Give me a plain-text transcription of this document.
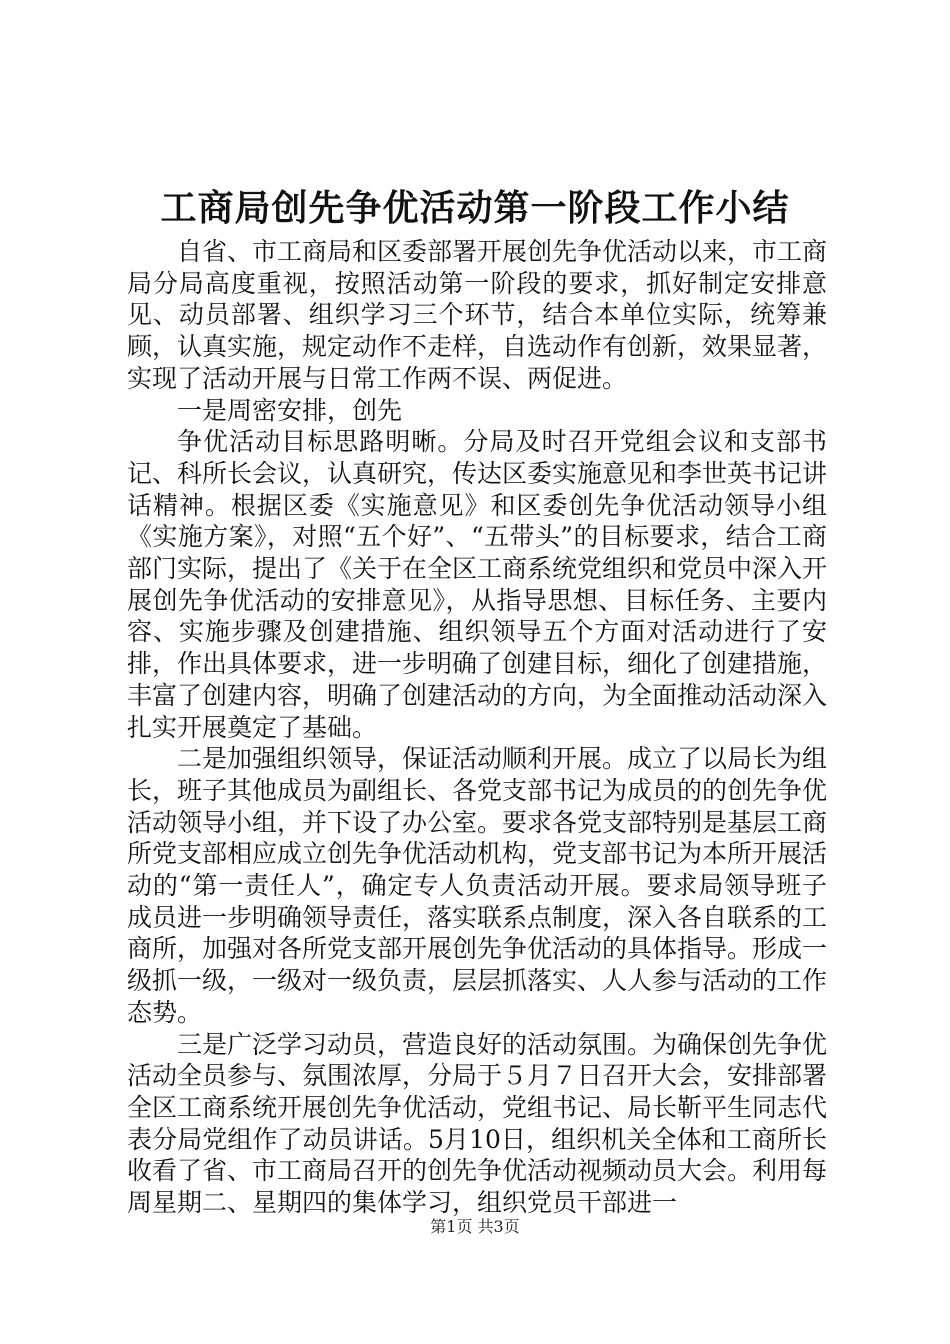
工商局创先争优活动第一阶段工作小结

自省、市工商局和区委部署开展创先争优活动以来，市工商局分局高度重视，按照活动第一阶段的要求，抓好制定安排意见、动员部署、组织学习三个环节，结合本单位实际，统筹兼顾，认真实施，规定动作不走样，自选动作有创新，效果显著，实现了活动开展与日常工作两不误、两促进。

一是周密安排，创先

争优活动目标思路明晰。分局及时召开党组会议和支部书记、科所长会议，认真研究，传达区委实施意见和李世英书记讲话精神。根据区委《实施意见》和区委创先争优活动领导小组《实施方案》，对照“五个好”、“五带头”的目标要求，结合工商部门实际，提出了《关于在全区工商系统党组织和党员中深入开展创先争优活动的安排意见》，从指导思想、目标任务、主要内容、实施步骤及创建措施、组织领导五个方面对活动进行了安排，作出具体要求，进一步明确了创建目标，细化了创建措施，丰富了创建内容，明确了创建活动的方向，为全面推动活动深入扎实开展奠定了基础。

二是加强组织领导，保证活动顺利开展。成立了以局长为组长，班子其他成员为副组长、各党支部书记为成员的的创先争优活动领导小组，并下设了办公室。要求各党支部特别是基层工商所党支部相应成立创先争优活动机构，党支部书记为本所开展活动的“第一责任人”，确定专人负责活动开展。要求局领导班子成员进一步明确领导责任，落实联系点制度，深入各自联系的工商所，加强对各所党支部开展创先争优活动的具体指导。形成一级抓一级，一级对一级负责，层层抓落实、人人参与活动的工作态势。

三是广泛学习动员，营造良好的活动氛围。为确保创先争优活动全员参与、氛围浓厚，分局于５月７日召开大会，安排部署全区工商系统开展创先争优活动，党组书记、局长靳平生同志代表分局党组作了动员讲话。5月10日，组织机关全体和工商所长收看了省、市工商局召开的创先争优活动视频动员大会。利用每周星期二、星期四的集体学习，组织党员干部进一

第1页 共3页
